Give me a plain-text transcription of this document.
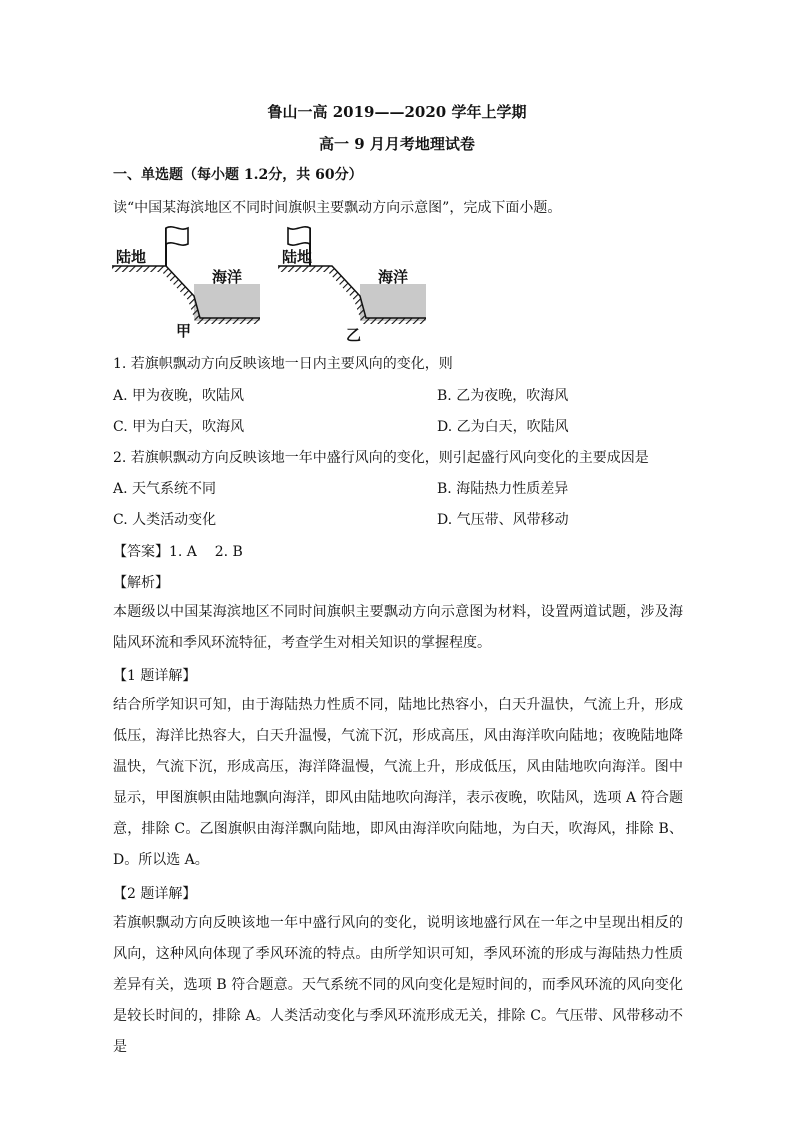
鲁山一高 2019——2020 学年上学期
高一 9 月月考地理试卷
一、单选题（每小题 1.2分，共 60分）
读“中国某海滨地区不同时间旗帜主要飘动方向示意图”，完成下面小题。
陆地
海洋
甲
陆地
海洋
乙
1. 若旗帜飘动方向反映该地一日内主要风向的变化，则
A. 甲为夜晚，吹陆风	B. 乙为夜晚，吹海风
C. 甲为白天，吹海风	D. 乙为白天，吹陆风
2. 若旗帜飘动方向反映该地一年中盛行风向的变化，则引起盛行风向变化的主要成因是
A. 天气系统不同	B. 海陆热力性质差异
C. 人类活动变化	D. 气压带、风带移动
【答案】1. A    2. B
【解析】
本题级以中国某海滨地区不同时间旗帜主要飘动方向示意图为材料，设置两道试题，涉及海陆风环流和季风环流特征，考查学生对相关知识的掌握程度。
【1 题详解】
结合所学知识可知，由于海陆热力性质不同，陆地比热容小，白天升温快，气流上升，形成低压，海洋比热容大，白天升温慢，气流下沉，形成高压，风由海洋吹向陆地；夜晚陆地降温快，气流下沉，形成高压，海洋降温慢，气流上升，形成低压，风由陆地吹向海洋。图中显示，甲图旗帜由陆地飘向海洋，即风由陆地吹向海洋，表示夜晚，吹陆风，选项 A 符合题意，排除 C。乙图旗帜由海洋飘向陆地，即风由海洋吹向陆地，为白天，吹海风，排除 B、D。所以选 A。
【2 题详解】
若旗帜飘动方向反映该地一年中盛行风向的变化，说明该地盛行风在一年之中呈现出相反的风向，这种风向体现了季风环流的特点。由所学知识可知，季风环流的形成与海陆热力性质差异有关，选项 B 符合题意。天气系统不同的风向变化是短时间的，而季风环流的风向变化是较长时间的，排除 A。人类活动变化与季风环流形成无关，排除 C。气压带、风带移动不是
